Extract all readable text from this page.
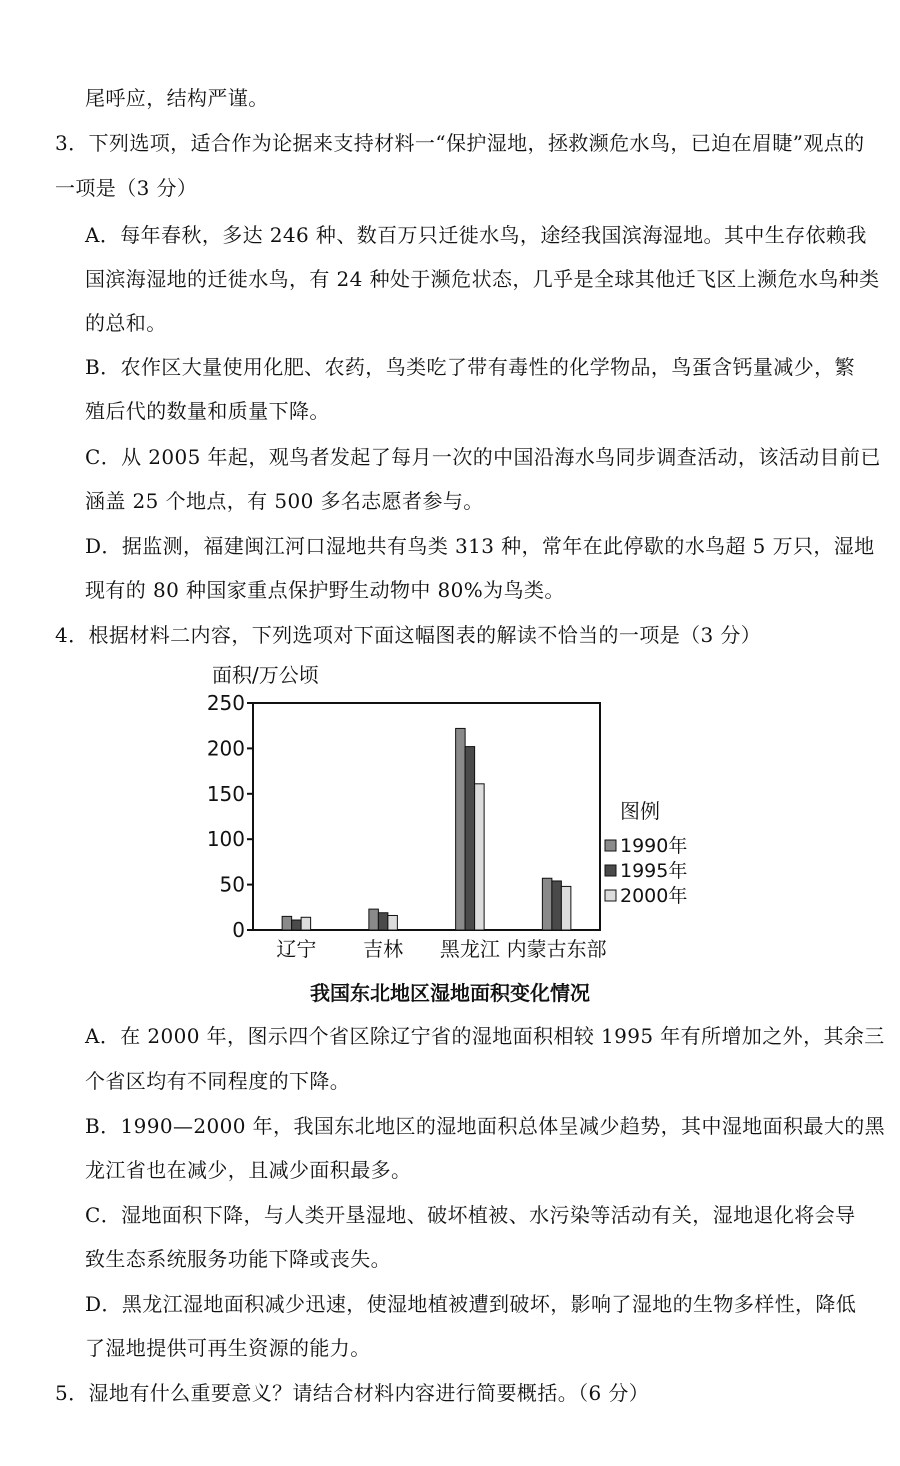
尾呼应，结构严谨。
3．下列选项，适合作为论据来支持材料一“保护湿地，拯救濒危水鸟，已迫在眉睫”观点的
一项是（3 分）
A．每年春秋，多达 246 种、数百万只迁徙水鸟，途经我国滨海湿地。其中生存依赖我
国滨海湿地的迁徙水鸟，有 24 种处于濒危状态，几乎是全球其他迁飞区上濒危水鸟种类
的总和。
B．农作区大量使用化肥、农药，鸟类吃了带有毒性的化学物品，鸟蛋含钙量减少，繁
殖后代的数量和质量下降。
C．从 2005 年起，观鸟者发起了每月一次的中国沿海水鸟同步调查活动，该活动目前已
涵盖 25 个地点，有 500 多名志愿者参与。
D．据监测，福建闽江河口湿地共有鸟类 313 种，常年在此停歇的水鸟超 5 万只，湿地
现有的 80 种国家重点保护野生动物中 80%为鸟类。
4．根据材料二内容，下列选项对下面这幅图表的解读不恰当的一项是（3 分）
面积/万公顷
0
50
100
150
200
250
辽宁 吉林 黑龙江 内蒙古东部
图例
1990年
1995年
2000年
我国东北地区湿地面积变化情况
A．在 2000 年，图示四个省区除辽宁省的湿地面积相较 1995 年有所增加之外，其余三
个省区均有不同程度的下降。
B．1990—2000 年，我国东北地区的湿地面积总体呈减少趋势，其中湿地面积最大的黑
龙江省也在减少，且减少面积最多。
C．湿地面积下降，与人类开垦湿地、破坏植被、水污染等活动有关，湿地退化将会导
致生态系统服务功能下降或丧失。
D．黑龙江湿地面积减少迅速，使湿地植被遭到破坏，影响了湿地的生物多样性，降低
了湿地提供可再生资源的能力。
5．湿地有什么重要意义？请结合材料内容进行简要概括。（6 分）
